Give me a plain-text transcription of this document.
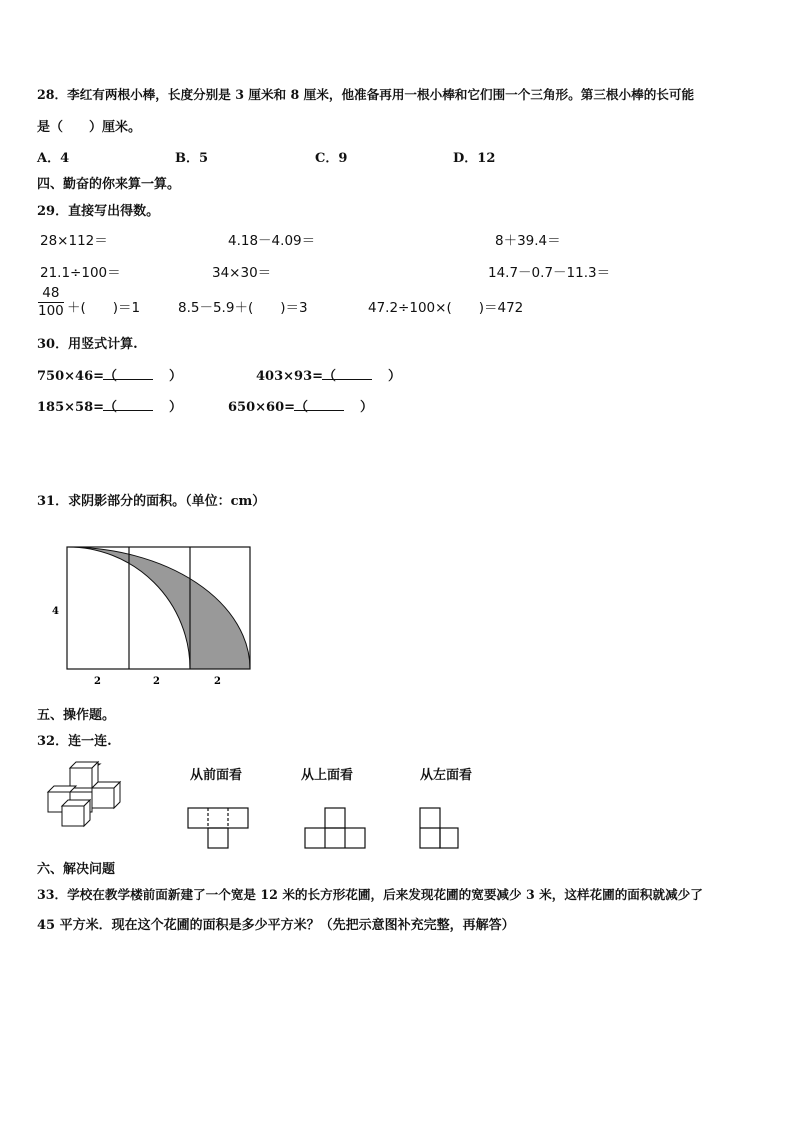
28．李红有两根小棒，长度分别是 3 厘米和 8 厘米，他准备再用一根小棒和它们围一个三角形。第三根小棒的长可能
是（　　）厘米。
A．4	B．5	C．9	D．12
四、勤奋的你来算一算。
29．直接写出得数。
28×112＝	4.18－4.09＝	8＋39.4＝
21.1÷100＝	34×30＝	14.7－0.7－11.3＝
$\frac{48}{100}$ ＋(　　)＝1	8.5－5.9＋(　　)＝3	47.2÷100×(　　)＝472
30．用竖式计算.
750×46=（　　　　）	403×93=（　　　　）
185×58=（　　　　）	650×60=（　　　　）
31．求阴影部分的面积。（单位：cm）
4
2	2	2
五、操作题。
32．连一连.
从前面看	从上面看	从左面看
六、解决问题
33．学校在教学楼前面新建了一个宽是 12 米的长方形花圃，后来发现花圃的宽要减少 3 米，这样花圃的面积就减少了
45 平方米．现在这个花圃的面积是多少平方米？（先把示意图补充完整，再解答）
